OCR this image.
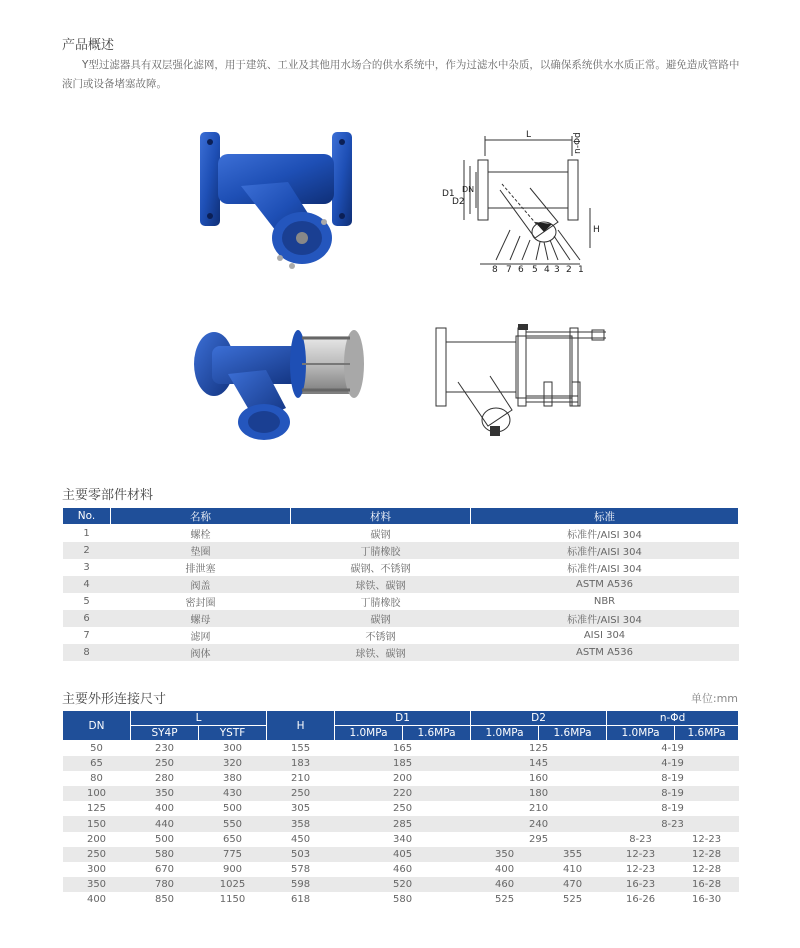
产品概述
Y型过滤器具有双层强化滤网，用于建筑、工业及其他用水场合的供水系统中，作为过滤水中杂质，以确保系统供水水质正常。避免造成管路中液门或设备堵塞故障。
L	n-Φd
D1
D2
DN
H
8 7 6 5 4 3 2 1
主要零部件材料
No.	名称	材料	标准
1	螺栓	碳钢	标准件/AISI 304
2	垫圈	丁腈橡胶	标准件/AISI 304
3	排泄塞	碳钢、不锈钢	标准件/AISI 304
4	阀盖	球铁、碳钢	ASTM A536
5	密封圈	丁腈橡胶	NBR
6	螺母	碳钢	标准件/AISI 304
7	滤网	不锈钢	AISI 304
8	阀体	球铁、碳钢	ASTM A536
主要外形连接尺寸	单位:mm
DN	L		H	D1		D2		n-Φd	
	SY4P	YSTF		1.0MPa	1.6MPa	1.0MPa	1.6MPa	1.0MPa	1.6MPa
50	230	300	155	165		125		4-19	
65	250	320	183	185		145		4-19	
80	280	380	210	200		160		8-19	
100	350	430	250	220		180		8-19	
125	400	500	305	250		210		8-19	
150	440	550	358	285		240		8-23	
200	500	650	450	340		295		8-23	12-23
250	580	775	503	405		350	355	12-23	12-28
300	670	900	578	460		400	410	12-23	12-28
350	780	1025	598	520		460	470	16-23	16-28
400	850	1150	618	580		525	525	16-26	16-30
